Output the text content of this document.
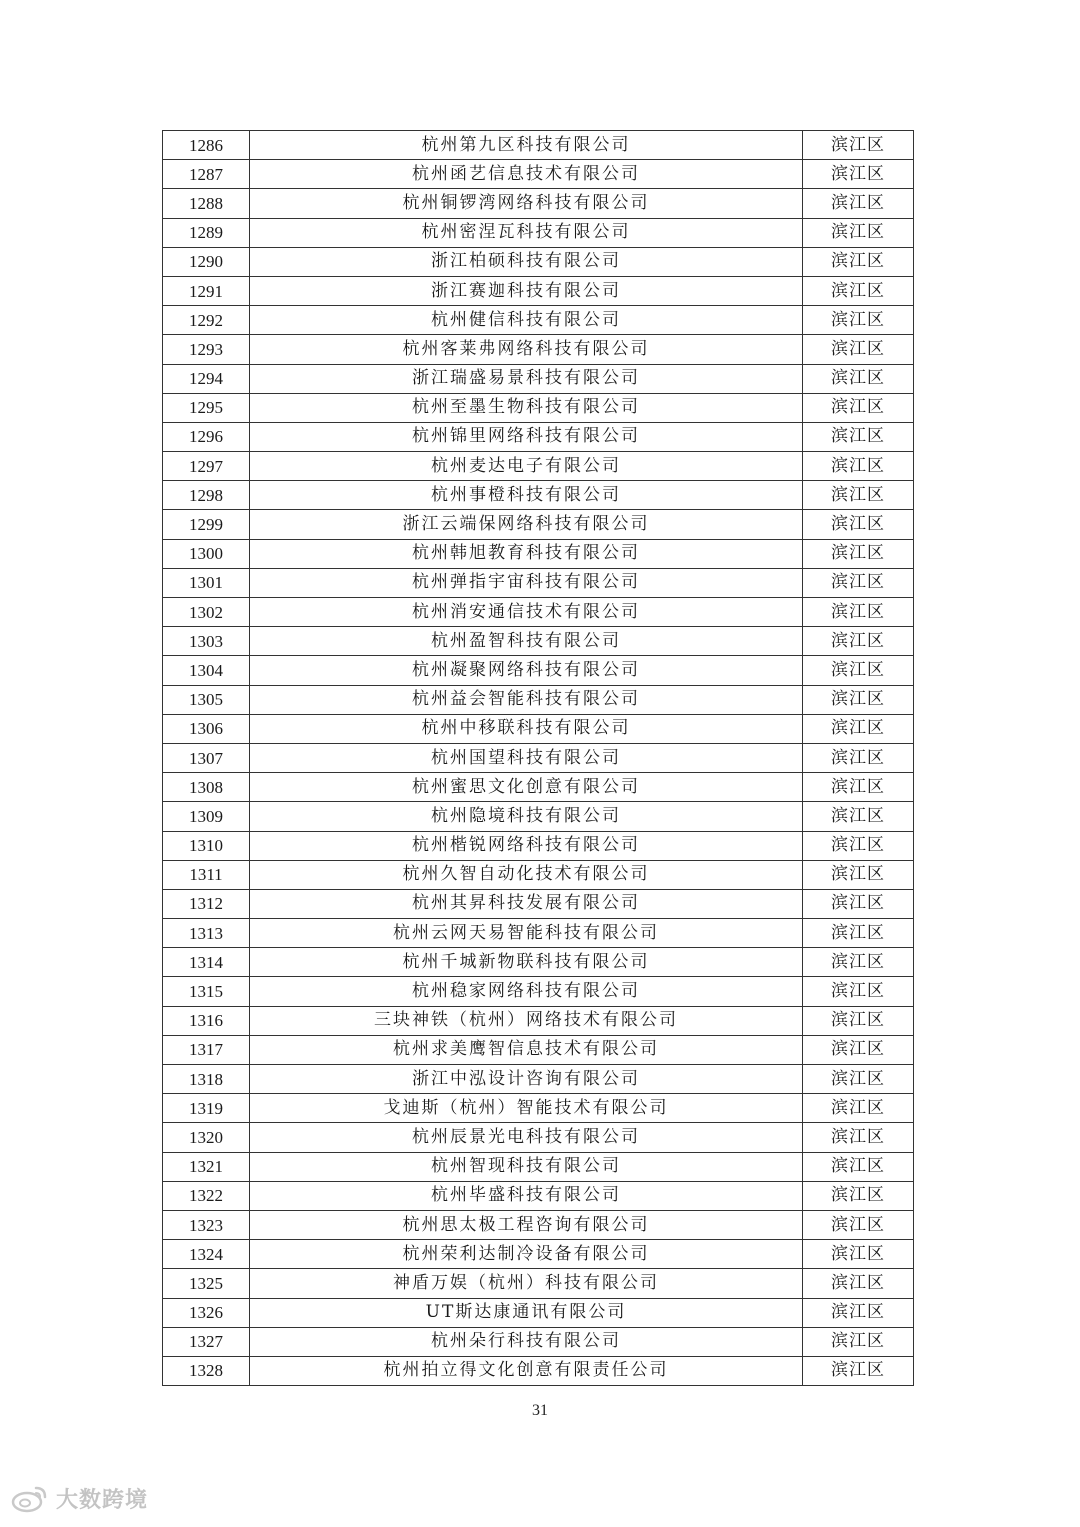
1286	杭州第九区科技有限公司	滨江区
1287	杭州函艺信息技术有限公司	滨江区
1288	杭州铜锣湾网络科技有限公司	滨江区
1289	杭州密涅瓦科技有限公司	滨江区
1290	浙江柏硕科技有限公司	滨江区
1291	浙江赛迦科技有限公司	滨江区
1292	杭州健信科技有限公司	滨江区
1293	杭州客莱弗网络科技有限公司	滨江区
1294	浙江瑞盛易景科技有限公司	滨江区
1295	杭州至墨生物科技有限公司	滨江区
1296	杭州锦里网络科技有限公司	滨江区
1297	杭州麦达电子有限公司	滨江区
1298	杭州事橙科技有限公司	滨江区
1299	浙江云端保网络科技有限公司	滨江区
1300	杭州韩旭教育科技有限公司	滨江区
1301	杭州弹指宇宙科技有限公司	滨江区
1302	杭州消安通信技术有限公司	滨江区
1303	杭州盈智科技有限公司	滨江区
1304	杭州凝聚网络科技有限公司	滨江区
1305	杭州益会智能科技有限公司	滨江区
1306	杭州中移联科技有限公司	滨江区
1307	杭州国望科技有限公司	滨江区
1308	杭州蜜思文化创意有限公司	滨江区
1309	杭州隐境科技有限公司	滨江区
1310	杭州楷锐网络科技有限公司	滨江区
1311	杭州久智自动化技术有限公司	滨江区
1312	杭州其昇科技发展有限公司	滨江区
1313	杭州云网天易智能科技有限公司	滨江区
1314	杭州千城新物联科技有限公司	滨江区
1315	杭州稳家网络科技有限公司	滨江区
1316	三块神铁（杭州）网络技术有限公司	滨江区
1317	杭州求美鹰智信息技术有限公司	滨江区
1318	浙江中泓设计咨询有限公司	滨江区
1319	戈迪斯（杭州）智能技术有限公司	滨江区
1320	杭州辰景光电科技有限公司	滨江区
1321	杭州智现科技有限公司	滨江区
1322	杭州毕盛科技有限公司	滨江区
1323	杭州思太极工程咨询有限公司	滨江区
1324	杭州荣利达制冷设备有限公司	滨江区
1325	神盾万娱（杭州）科技有限公司	滨江区
1326	UT斯达康通讯有限公司	滨江区
1327	杭州朵行科技有限公司	滨江区
1328	杭州拍立得文化创意有限责任公司	滨江区
31
大数跨境
